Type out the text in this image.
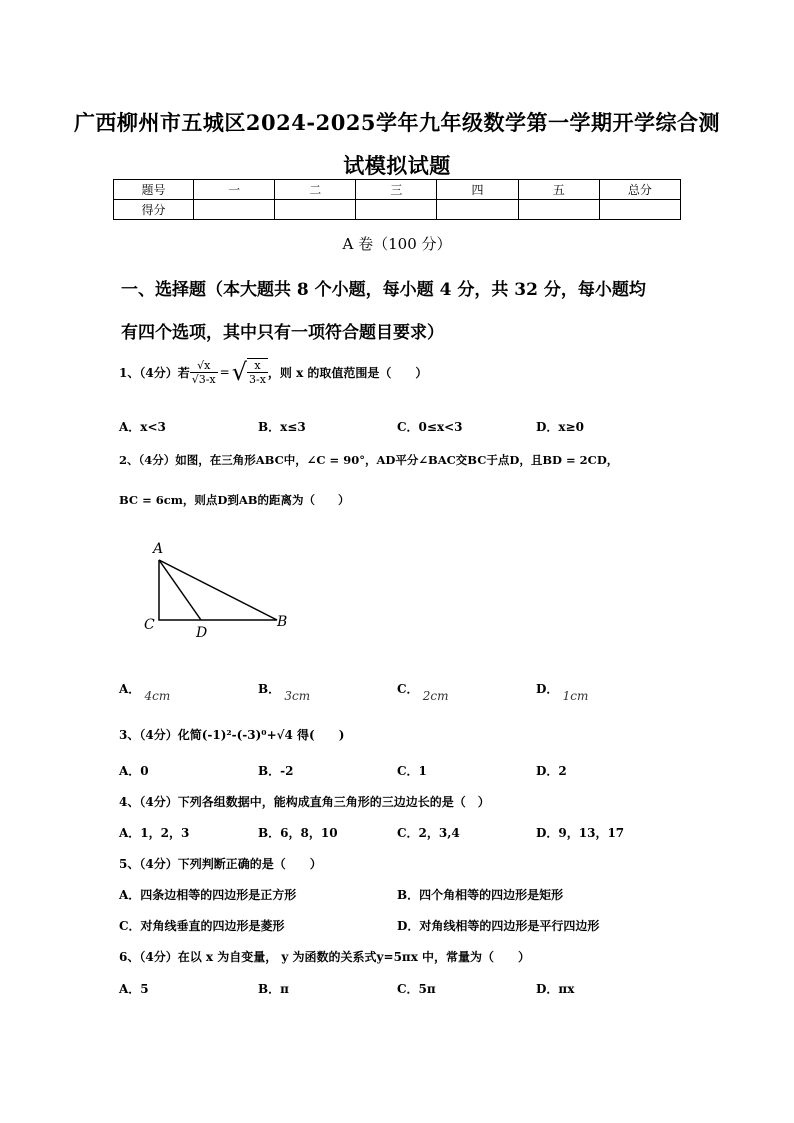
广西柳州市五城区2024-2025学年九年级数学第一学期开学综合测
试模拟试题
题号	一	二	三	四	五	总分
得分						
A 卷（100 分）
一、选择题（本大题共 8 个小题，每小题 4 分，共 32 分，每小题均
有四个选项，其中只有一项符合题目要求）
1、（4分）若 $\frac{√x}{√3-x}$ = √ $\frac{x}{3-x}$ ，则 x 的取值范围是（　　）
A．x<3	B．x≤3	C．0≤x<3	D．x≥0
2、（4分）如图，在三角形ABC中，∠C = 90°，AD平分∠BAC交BC于点D，且BD = 2CD，
BC = 6cm，则点D到AB的距离为（　　）
A
C	D
B
A． 4cm	B． 3cm	C． 2cm	D． 1cm
3、（4分）化简(-1)²-(-3)⁰+√4 得(　　)
A．0	B．-2	C．1	D．2
4、（4分）下列各组数据中，能构成直角三角形的三边边长的是（　）
A．1，2，3	B．6，8，10	C．2，3,4	D．9，13，17
5、（4分）下列判断正确的是（　　）
A．四条边相等的四边形是正方形	B．四个角相等的四边形是矩形
C．对角线垂直的四边形是菱形	D．对角线相等的四边形是平行四边形
6、（4分）在以 x 为自变量， y 为函数的关系式y=5πx 中，常量为（　　）
A．5	B．π	C．5π	D．πx
